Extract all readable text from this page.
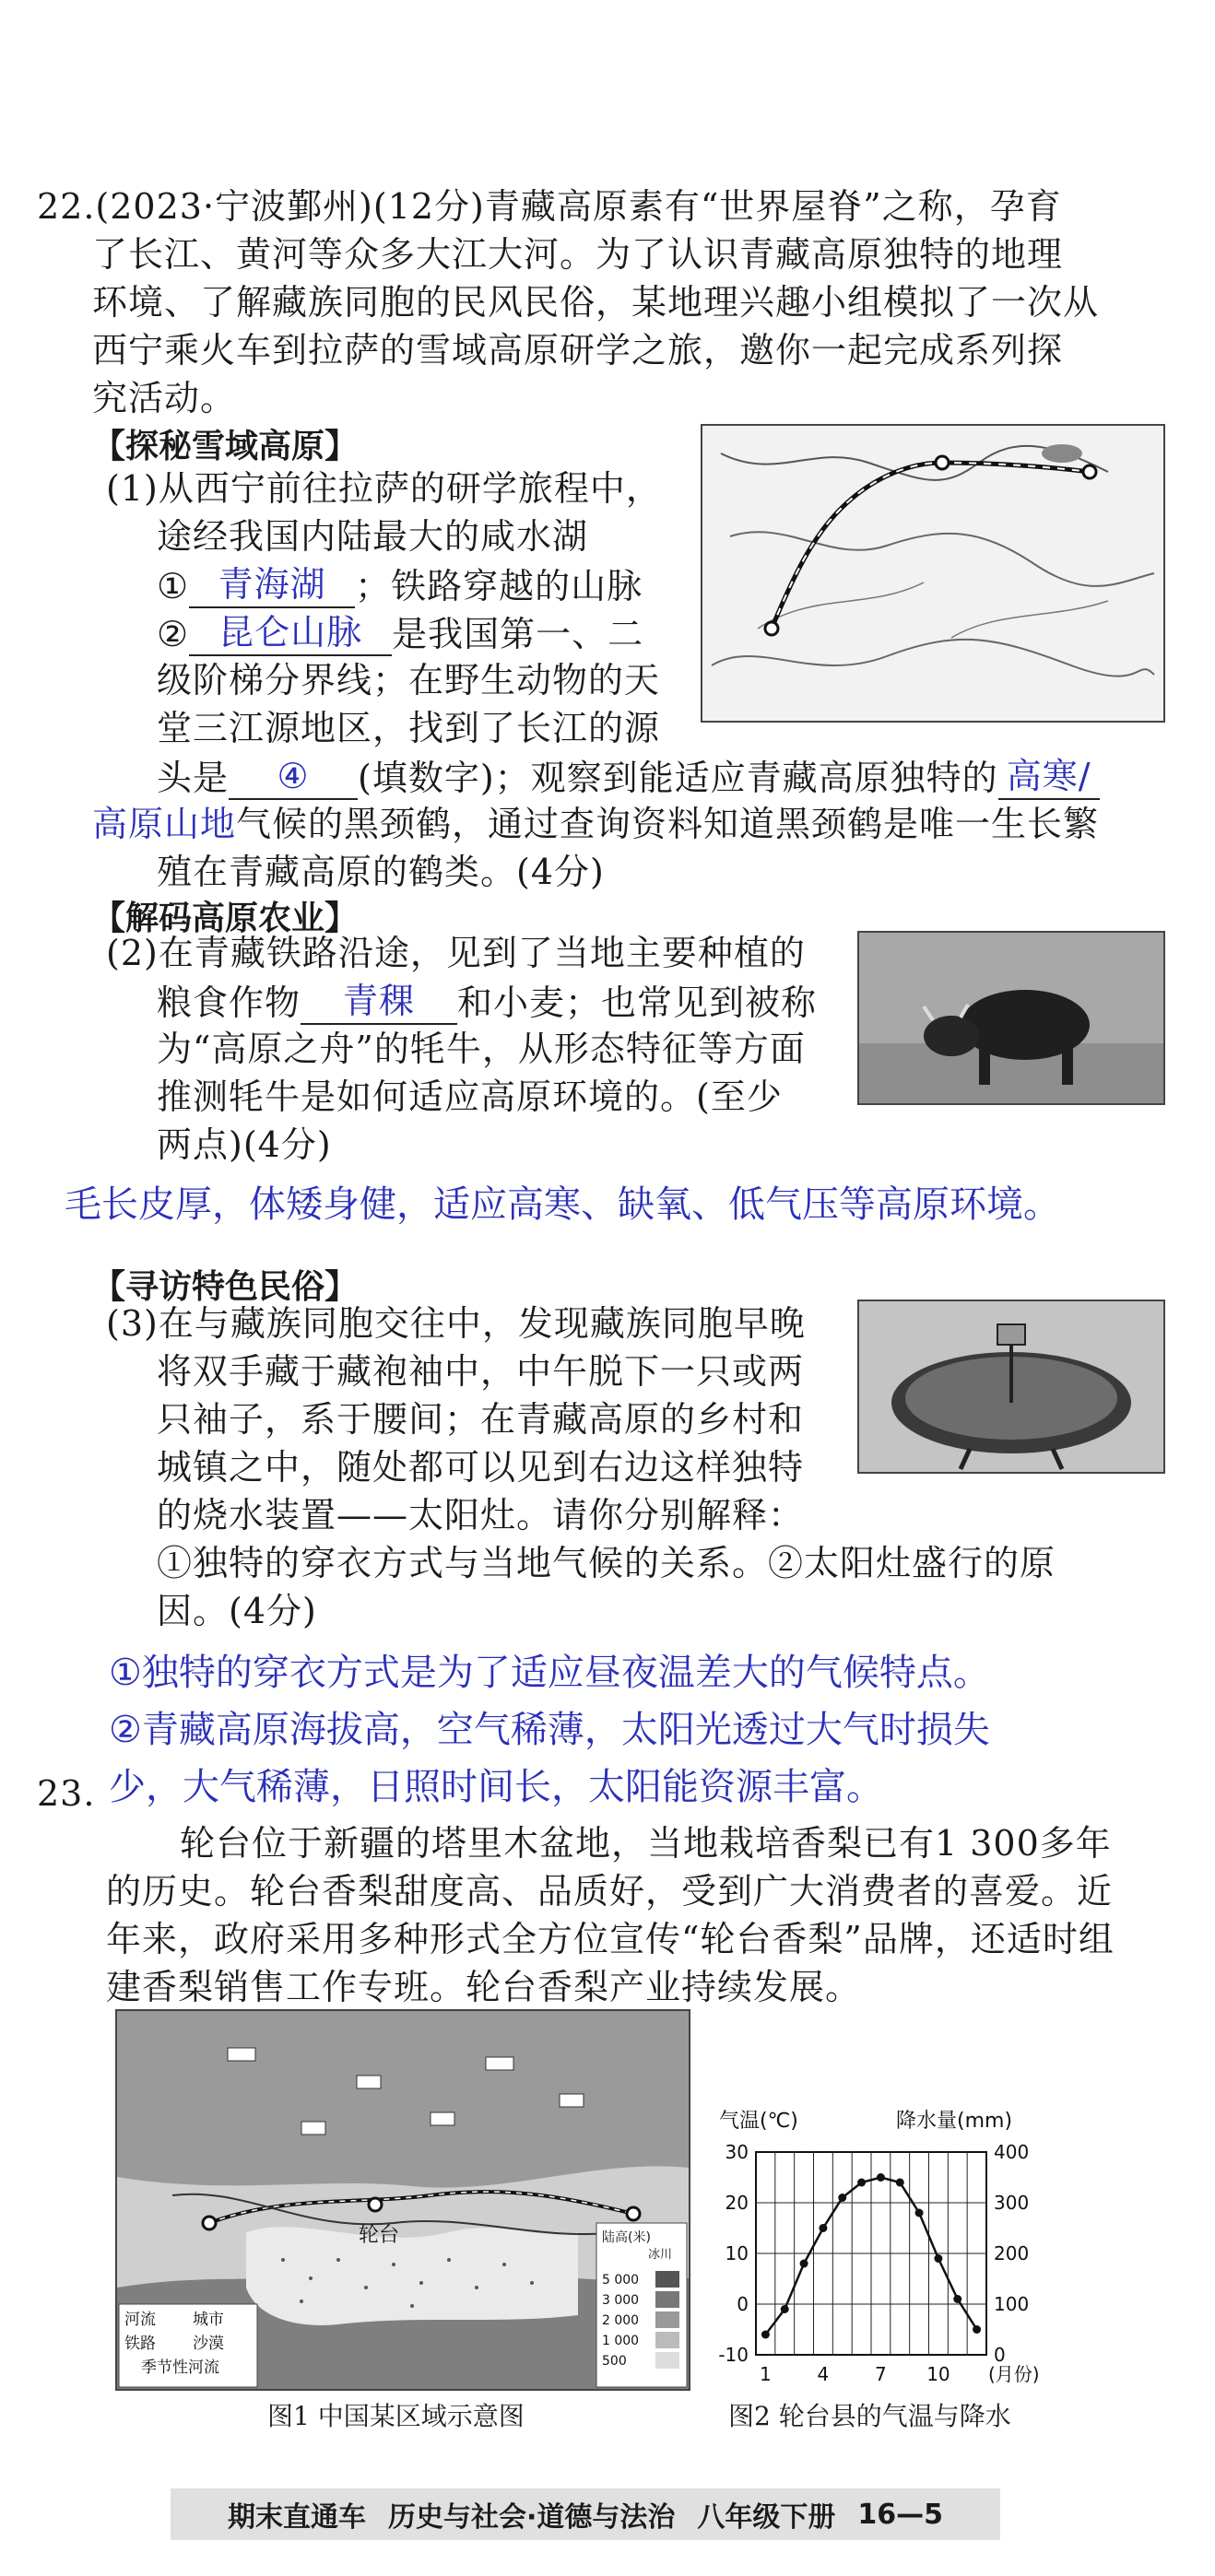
22.(2023·宁波鄞州)(12分)青藏高原素有“世界屋脊”之称，孕育
了长江、黄河等众多大江大河。为了认识青藏高原独特的地理
环境、了解藏族同胞的民风民俗，某地理兴趣小组模拟了一次从
西宁乘火车到拉萨的雪域高原研学之旅，邀你一起完成系列探
究活动。
【探秘雪域高原】
(1)从西宁前往拉萨的研学旅程中，
途经我国内陆最大的咸水湖
① 青海湖 ；铁路穿越的山脉
② 昆仑山脉 是我国第一、二
级阶梯分界线；在野生动物的天
堂三江源地区，找到了长江的源
头是 ④ (填数字)；观察到能适应青藏高原独特的 高寒/
高原山地气候的黑颈鹤，通过查询资料知道黑颈鹤是唯一生长繁
殖在青藏高原的鹤类。(4分)
【解码高原农业】
(2)在青藏铁路沿途，见到了当地主要种植的
粮食作物 青稞 和小麦；也常见到被称
为“高原之舟”的牦牛，从形态特征等方面
推测牦牛是如何适应高原环境的。(至少
两点)(4分)
毛长皮厚，体矮身健，适应高寒、缺氧、低气压等高原环境。
【寻访特色民俗】
(3)在与藏族同胞交往中，发现藏族同胞早晚
将双手藏于藏袍袖中，中午脱下一只或两
只袖子，系于腰间；在青藏高原的乡村和
城镇之中，随处都可以见到右边这样独特
的烧水装置——太阳灶。请你分别解释：
①独特的穿衣方式与当地气候的关系。②太阳灶盛行的原
因。(4分)
①独特的穿衣方式是为了适应昼夜温差大的气候特点。
②青藏高原海拔高，空气稀薄，太阳光透过大气时损失
少，大气稀薄，日照时间长，太阳能资源丰富。
23.
轮台位于新疆的塔里木盆地，当地栽培香梨已有1 300多年
的历史。轮台香梨甜度高、品质好，受到广大消费者的喜爱。近
年来，政府采用多种形式全方位宣传“轮台香梨”品牌，还适时组
建香梨销售工作专班。轮台香梨产业持续发展。
轮台
河流 城市
铁路 沙漠
季节性河流
陆高(米)
冰川
5 000
3 000
2 000
1 000
500
图1 中国某区域示意图
气温(℃)	降水量(mm)
30
20
10
0
-10
400
300
200
100
0
1 4 7 10 (月份)
图2 轮台县的气温与降水
期末直通车 历史与社会·道德与法治 八年级下册 16—5
